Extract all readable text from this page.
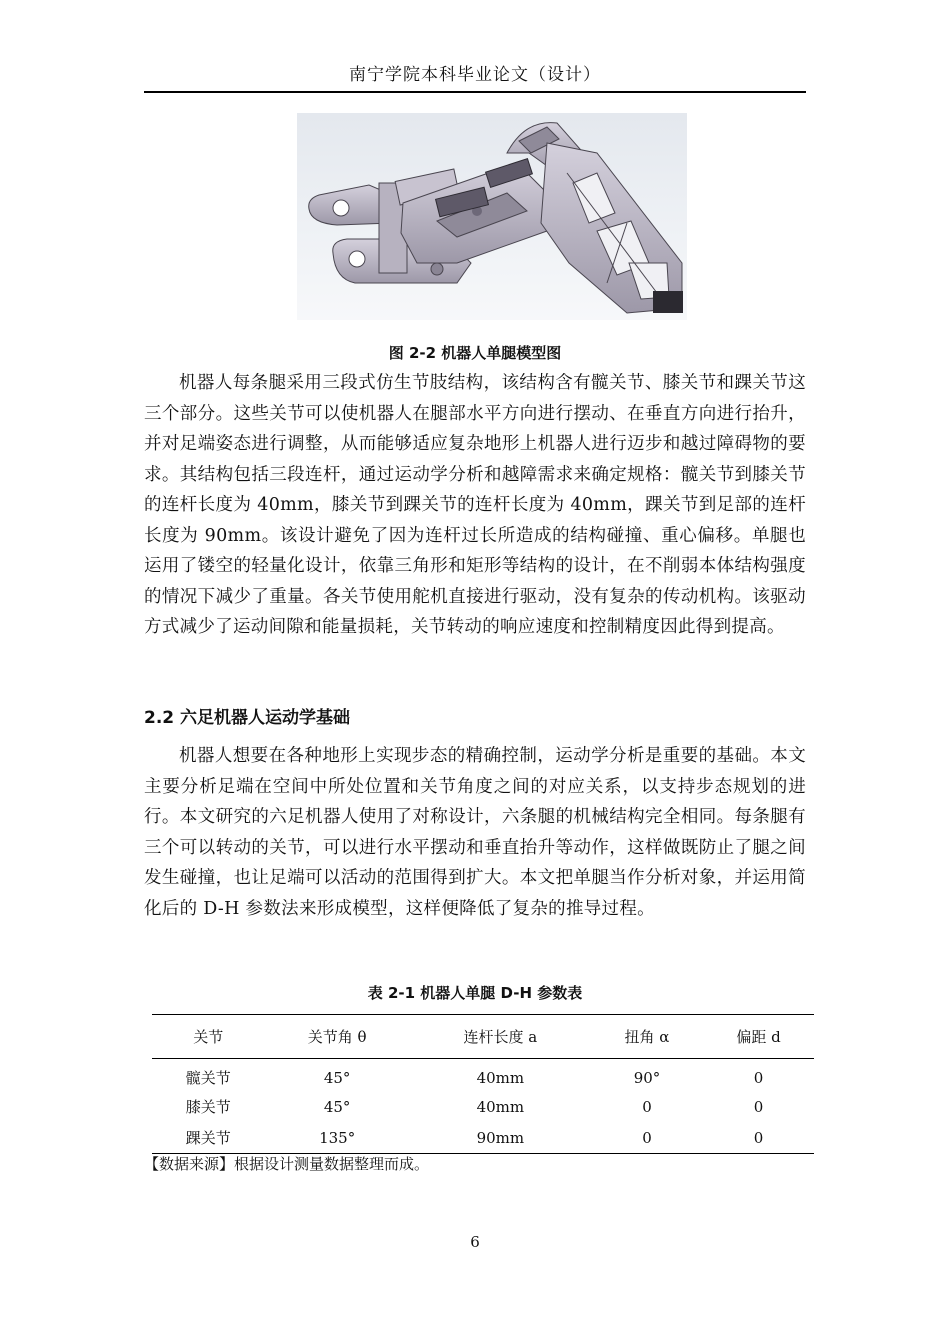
南宁学院本科毕业论文（设计）
图 2-2 机器人单腿模型图

机器人每条腿采用三段式仿生节肢结构，该结构含有髋关节、膝关节和踝关节这三个部分。这些关节可以使机器人在腿部水平方向进行摆动、在垂直方向进行抬升，并对足端姿态进行调整，从而能够适应复杂地形上机器人进行迈步和越过障碍物的要求。其结构包括三段连杆，通过运动学分析和越障需求来确定规格：髋关节到膝关节的连杆长度为 40mm，膝关节到踝关节的连杆长度为 40mm，踝关节到足部的连杆长度为 90mm。该设计避免了因为连杆过长所造成的结构碰撞、重心偏移。单腿也运用了镂空的轻量化设计，依靠三角形和矩形等结构的设计，在不削弱本体结构强度的情况下减少了重量。各关节使用舵机直接进行驱动，没有复杂的传动机构。该驱动方式减少了运动间隙和能量损耗，关节转动的响应速度和控制精度因此得到提高。

2.2 六足机器人运动学基础

机器人想要在各种地形上实现步态的精确控制，运动学分析是重要的基础。本文主要分析足端在空间中所处位置和关节角度之间的对应关系，以支持步态规划的进行。本文研究的六足机器人使用了对称设计，六条腿的机械结构完全相同。每条腿有三个可以转动的关节，可以进行水平摆动和垂直抬升等动作，这样做既防止了腿之间发生碰撞，也让足端可以活动的范围得到扩大。本文把单腿当作分析对象，并运用简化后的 D-H 参数法来形成模型，这样便降低了复杂的推导过程。

表 2-1 机器人单腿 D-H 参数表
关节	关节角 θ	连杆长度 a	扭角 α	偏距 d
髋关节	45°	40mm	90°	0
膝关节	45°	40mm	0	0
踝关节	135°	90mm	0	0
【数据来源】根据设计测量数据整理而成。
6
